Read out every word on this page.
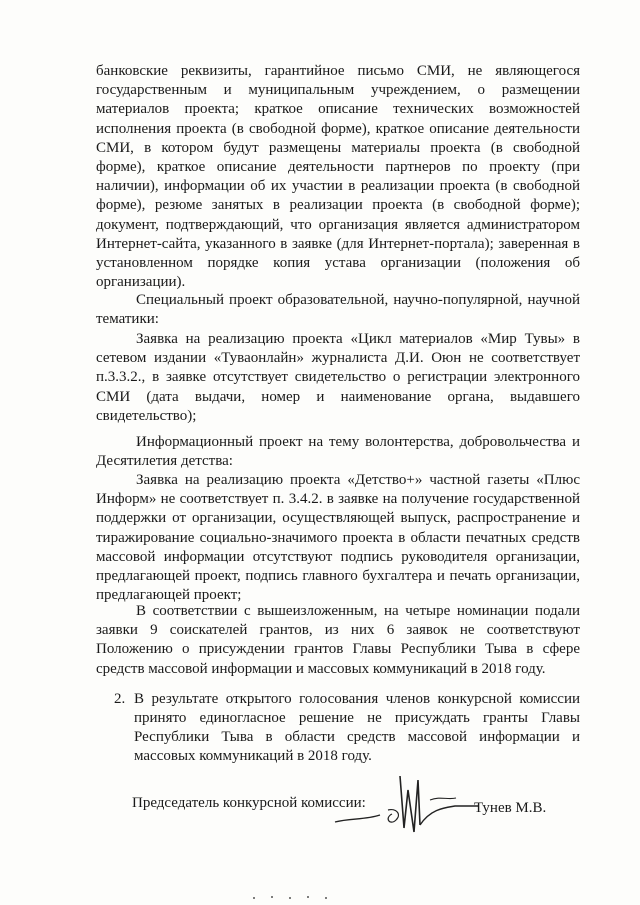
банковские реквизиты, гарантийное письмо СМИ, не являющегося государственным и муниципальным учреждением, о размещении материалов проекта; краткое описание технических возможностей исполнения проекта (в свободной форме), краткое описание деятельности СМИ, в котором будут размещены материалы проекта (в свободной форме), краткое описание деятельности партнеров по проекту (при наличии), информации об их участии в реализации проекта (в свободной форме), резюме занятых в реализации проекта (в свободной форме); документ, подтверждающий, что организация является администратором Интернет-сайта, указанного в заявке (для Интернет-портала); заверенная в установленном порядке копия устава организации (положения об организации).

Специальный проект образовательной, научно-популярной, научной тематики:

Заявка на реализацию проекта «Цикл материалов «Мир Тувы» в сетевом издании «Туваонлайн» журналиста Д.И. Оюн не соответствует п.3.3.2., в заявке отсутствует свидетельство о регистрации электронного СМИ (дата выдачи, номер и наименование органа, выдавшего свидетельство);

Информационный проект на тему волонтерства, добровольчества и Десятилетия детства:

Заявка на реализацию проекта «Детство+» частной газеты «Плюс Информ» не соответствует п. 3.4.2. в заявке на получение государственной поддержки от организации, осуществляющей выпуск, распространение и тиражирование социально-значимого проекта в области печатных средств массовой информации отсутствуют подпись руководителя организации, предлагающей проект, подпись главного бухгалтера и печать организации, предлагающей проект;

В соответствии с вышеизложенным, на четыре номинации подали заявки 9 соискателей грантов, из них 6 заявок не соответствуют Положению о присуждении грантов Главы Республики Тыва в сфере средств массовой информации и массовых коммуникаций в 2018 году.

2. В результате открытого голосования членов конкурсной комиссии принято единогласное решение не присуждать гранты Главы Республики Тыва в области средств массовой информации и массовых коммуникаций в 2018 году.

Председатель конкурсной комиссии:	Тунев М.В.
